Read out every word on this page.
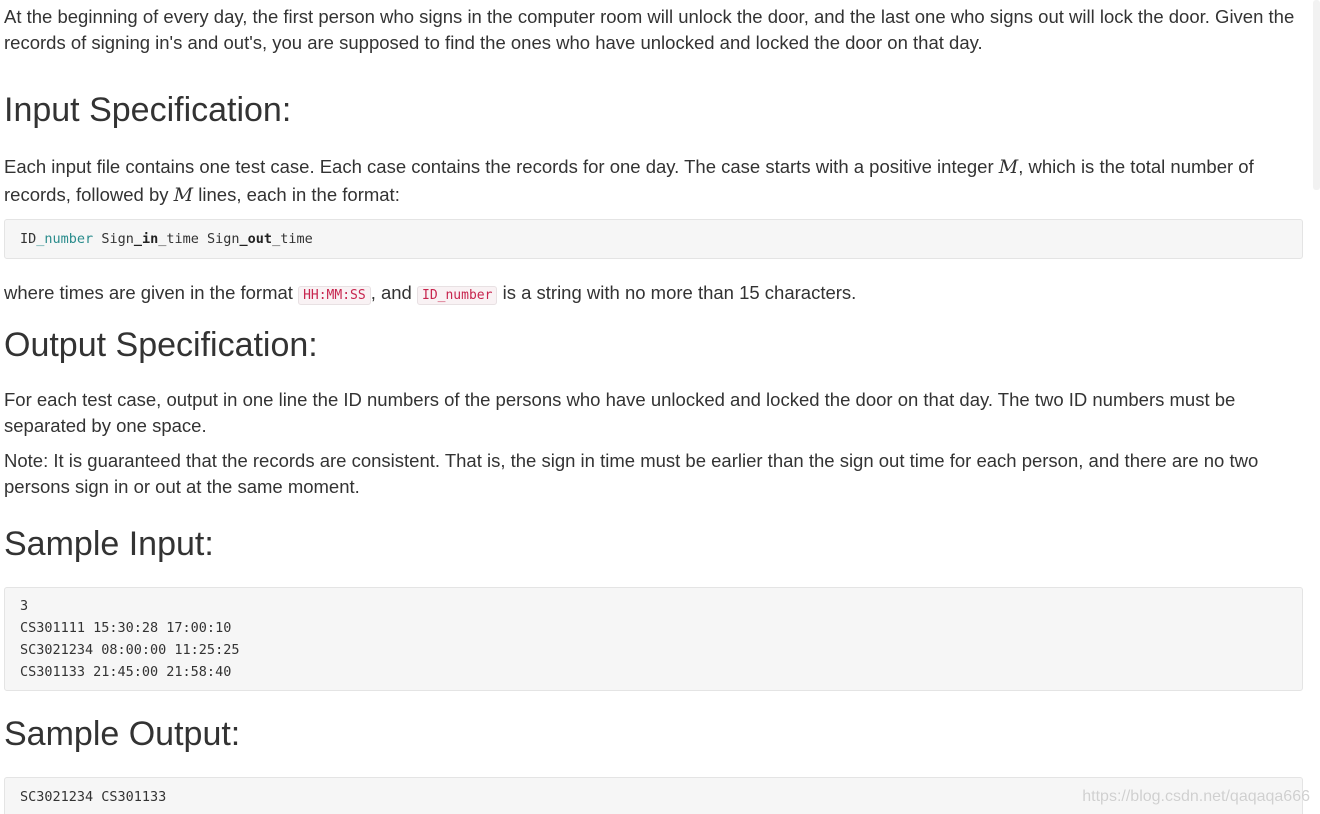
At the beginning of every day, the first person who signs in the computer room will unlock the door, and the last one who signs out will lock the door. Given the records of signing in's and out's, you are supposed to find the ones who have unlocked and locked the door on that day.

Input Specification:

Each input file contains one test case. Each case contains the records for one day. The case starts with a positive integer M, which is the total number of records, followed by M lines, each in the format:

ID_number Sign_in_time Sign_out_time

where times are given in the format HH:MM:SS , and ID_number is a string with no more than 15 characters.

Output Specification:

For each test case, output in one line the ID numbers of the persons who have unlocked and locked the door on that day. The two ID numbers must be separated by one space.

Note: It is guaranteed that the records are consistent. That is, the sign in time must be earlier than the sign out time for each person, and there are no two persons sign in or out at the same moment.

Sample Input:
3
CS301111 15:30:28 17:00:10
SC3021234 08:00:00 11:25:25
CS301133 21:45:00 21:58:40
Sample Output:
SC3021234 CS301133	https://blog.csdn.net/qaqaqa666
